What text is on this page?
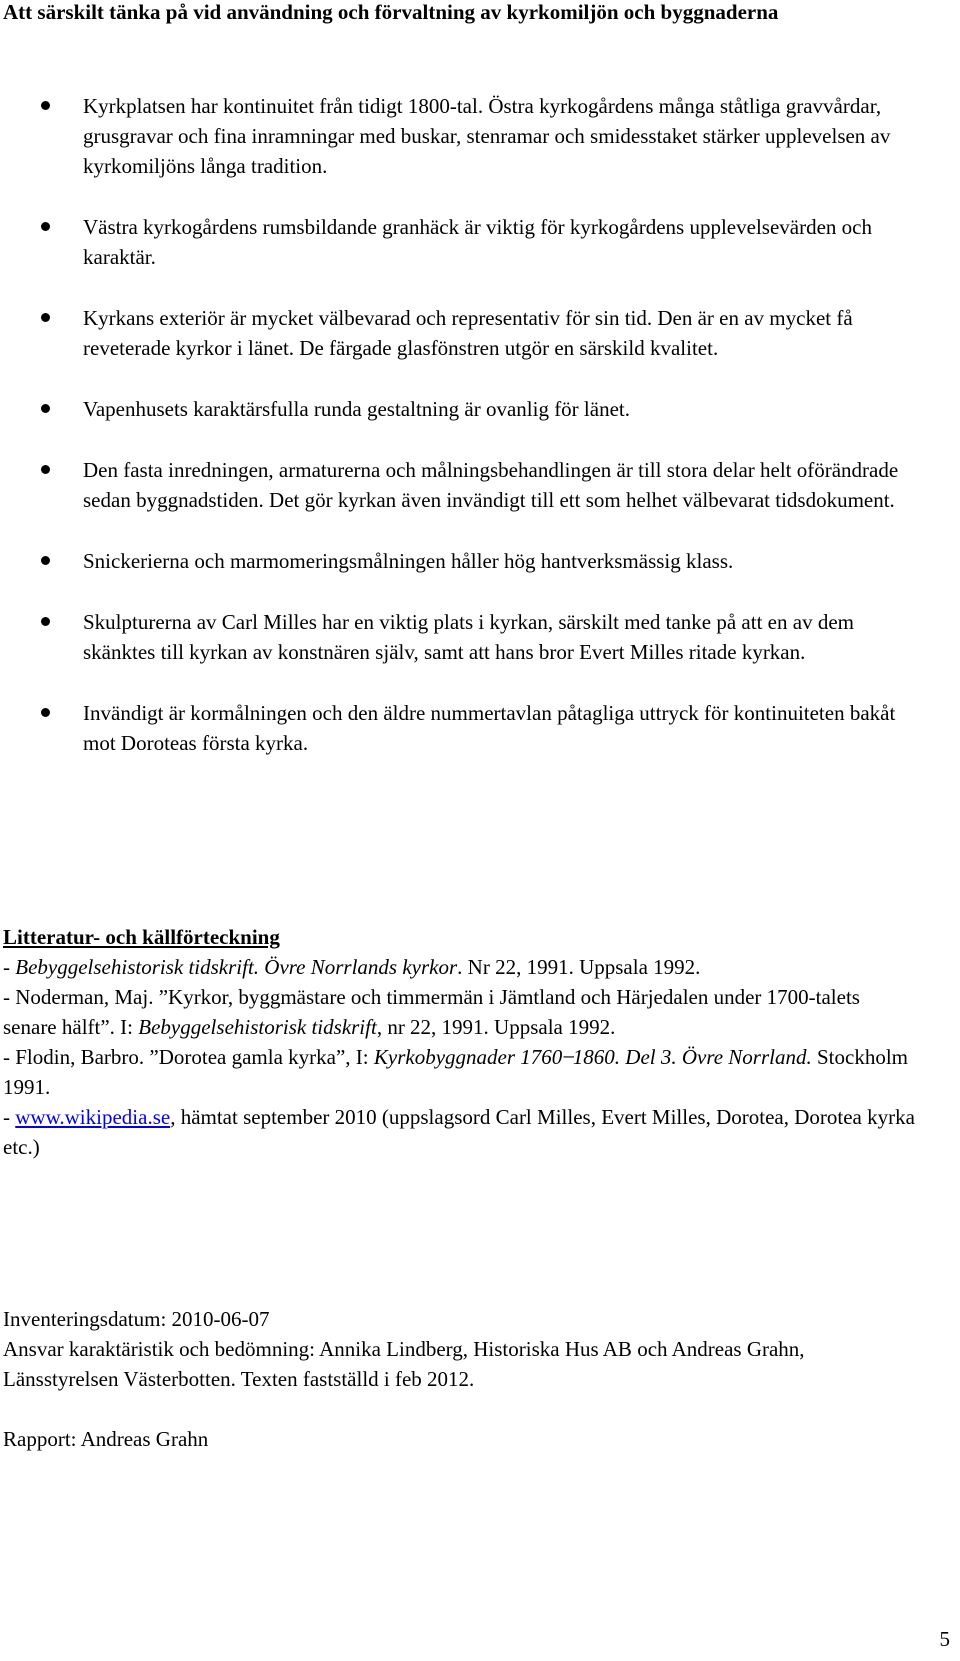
Att särskilt tänka på vid användning och förvaltning av kyrkomiljön och byggnaderna

Kyrkplatsen har kontinuitet från tidigt 1800-tal. Östra kyrkogårdens många ståtliga gravvårdar, grusgravar och fina inramningar med buskar, stenramar och smidesstaket stärker upplevelsen av kyrkomiljöns långa tradition.
Västra kyrkogårdens rumsbildande granhäck är viktig för kyrkogårdens upplevelsevärden och karaktär.
Kyrkans exteriör är mycket välbevarad och representativ för sin tid. Den är en av mycket få reveterade kyrkor i länet. De färgade glasfönstren utgör en särskild kvalitet.
Vapenhusets karaktärsfulla runda gestaltning är ovanlig för länet.
Den fasta inredningen, armaturerna och målningsbehandlingen är till stora delar helt oförändrade sedan byggnadstiden. Det gör kyrkan även invändigt till ett som helhet välbevarat tidsdokument.
Snickerierna och marmomeringsmålningen håller hög hantverksmässig klass.
Skulpturerna av Carl Milles har en viktig plats i kyrkan, särskilt med tanke på att en av dem skänktes till kyrkan av konstnären själv, samt att hans bror Evert Milles ritade kyrkan.
Invändigt är kormålningen och den äldre nummertavlan påtagliga uttryck för kontinuiteten bakåt mot Doroteas första kyrka.

Litteratur- och källförteckning

- Bebyggelsehistorisk tidskrift. Övre Norrlands kyrkor. Nr 22, 1991. Uppsala 1992.

- Noderman, Maj. ”Kyrkor, byggmästare och timmermän i Jämtland och Härjedalen under 1700-talets senare hälft”. I: Bebyggelsehistorisk tidskrift, nr 22, 1991. Uppsala 1992.

- Flodin, Barbro. ”Dorotea gamla kyrka”, I: Kyrkobyggnader 1760 ̶ 1860. Del 3. Övre Norrland. Stockholm 1991.

- www.wikipedia.se, hämtat september 2010 (uppslagsord Carl Milles, Evert Milles, Dorotea, Dorotea kyrka etc.)

Inventeringsdatum: 2010-06-07

Ansvar karaktäristik och bedömning: Annika Lindberg, Historiska Hus AB och Andreas Grahn, Länsstyrelsen Västerbotten. Texten fastställd i feb 2012.

Rapport: Andreas Grahn

5
